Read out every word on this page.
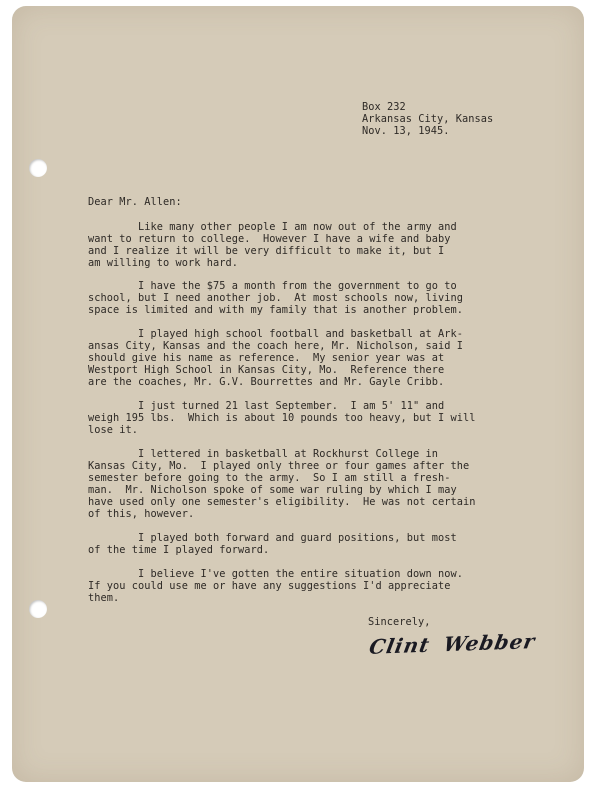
Box 232

Arkansas City, Kansas

Nov. 13, 1945.

Dear Mr. Allen:

Like many other people I am now out of the army and

want to return to college.  However I have a wife and baby

and I realize it will be very difficult to make it, but I

am willing to work hard.

I have the $75 a month from the government to go to

school, but I need another job.  At most schools now, living

space is limited and with my family that is another problem.

I played high school football and basketball at Ark-

ansas City, Kansas and the coach here, Mr. Nicholson, said I

should give his name as reference.  My senior year was at

Westport High School in Kansas City, Mo.  Reference there

are the coaches, Mr. G.V. Bourrettes and Mr. Gayle Cribb.

I just turned 21 last September.  I am 5' 11" and

weigh 195 lbs.  Which is about 10 pounds too heavy, but I will

lose it.

I lettered in basketball at Rockhurst College in

Kansas City, Mo.  I played only three or four games after the

semester before going to the army.  So I am still a fresh-

man.  Mr. Nicholson spoke of some war ruling by which I may

have used only one semester's eligibility.  He was not certain

of this, however.

I played both forward and guard positions, but most

of the time I played forward.

I believe I've gotten the entire situation down now.

If you could use me or have any suggestions I'd appreciate

them.

Sincerely,
Clint Webber
